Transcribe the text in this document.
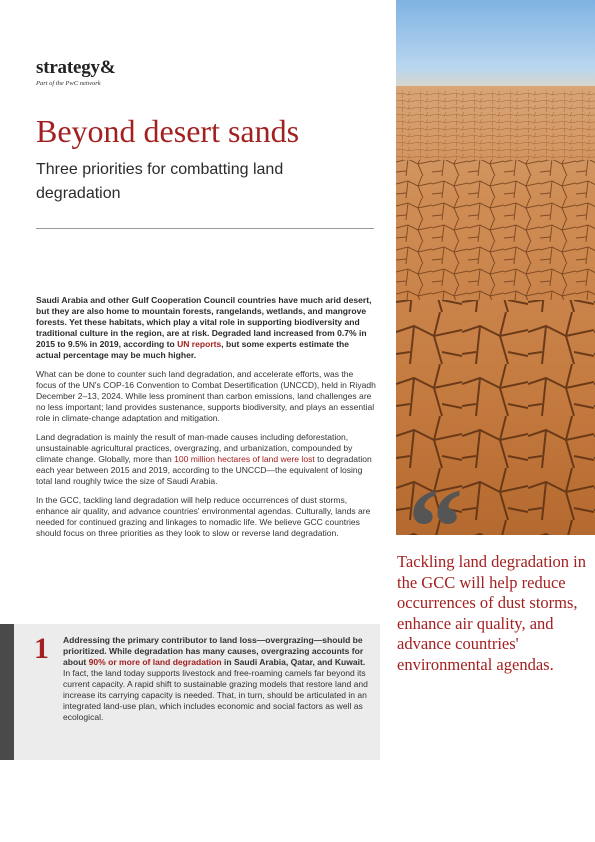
strategy&
Part of the PwC network
Beyond desert sands
Three priorities for combatting land degradation

Saudi Arabia and other Gulf Cooperation Council countries have much arid desert, but they are also home to mountain forests, rangelands, wetlands, and mangrove forests. Yet these habitats, which play a vital role in supporting biodiversity and traditional culture in the region, are at risk. Degraded land increased from 0.7% in 2015 to 9.5% in 2019, according to UN reports, but some experts estimate the actual percentage may be much higher.

What can be done to counter such land degradation, and accelerate efforts, was the focus of the UN's COP-16 Convention to Combat Desertification (UNCCD), held in Riyadh December 2–13, 2024. While less prominent than carbon emissions, land challenges are no less important; land provides sustenance, supports biodiversity, and plays an essential role in climate-change adaptation and mitigation.

Land degradation is mainly the result of man-made causes including deforestation, unsustainable agricultural practices, overgrazing, and urbanization, compounded by climate change. Globally, more than 100 million hectares of land were lost to degradation each year between 2015 and 2019, according to the UNCCD—the equivalent of losing total land roughly twice the size of Saudi Arabia.

In the GCC, tackling land degradation will help reduce occurrences of dust storms, enhance air quality, and advance countries' environmental agendas. Culturally, lands are needed for continued grazing and linkages to nomadic life. We believe GCC countries should focus on three priorities as they look to slow or reverse land degradation.

1 Addressing the primary contributor to land loss—overgrazing—should be prioritized. While degradation has many causes, overgrazing accounts for about 90% or more of land degradation in Saudi Arabia, Qatar, and Kuwait. In fact, the land today supports livestock and free-roaming camels far beyond its current capacity. A rapid shift to sustainable grazing models that restore land and increase its carrying capacity is needed. That, in turn, should be articulated in an integrated land-use plan, which includes economic and social factors as well as ecological.

“

Tackling land degradation in the GCC will help reduce occurrences of dust storms, enhance air quality, and advance countries' environmental agendas.
